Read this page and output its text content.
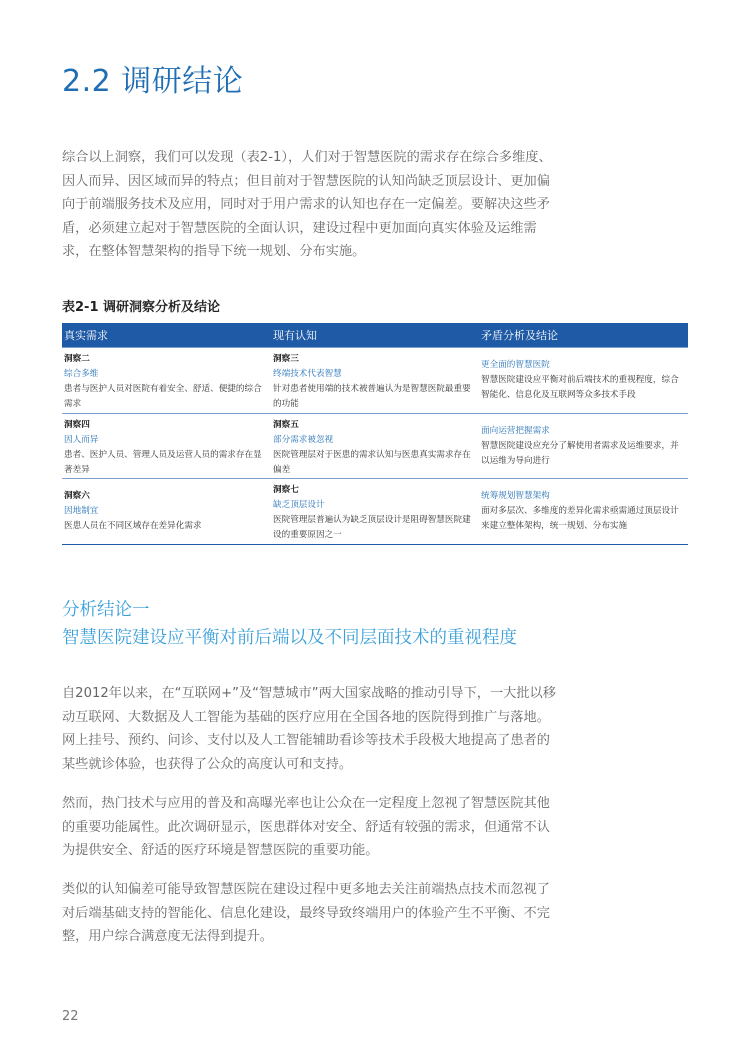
2.2 调研结论

综合以上洞察，我们可以发现（表2-1），人们对于智慧医院的需求存在综合多维度、因人而异、因区域而异的特点；但目前对于智慧医院的认知尚缺乏顶层设计、更加偏向于前端服务技术及应用，同时对于用户需求的认知也存在一定偏差。要解决这些矛盾，必须建立起对于智慧医院的全面认识，建设过程中更加面向真实体验及运维需求，在整体智慧架构的指导下统一规划、分布实施。

表2-1 调研洞察分析及结论

真实需求	现有认知	矛盾分析及结论
洞察二
综合多维
患者与医护人员对医院有着安全、舒适、便捷的综合需求
洞察三
终端技术代表智慧
针对患者使用端的技术被普遍认为是智慧医院最重要的功能
更全面的智慧医院
智慧医院建设应平衡对前后端技术的重视程度，综合智能化、信息化及互联网等众多技术手段
洞察四
因人而异
患者、医护人员、管理人员及运营人员的需求存在显著差异
洞察五
部分需求被忽视
医院管理层对于医患的需求认知与医患真实需求存在偏差
面向运营把握需求
智慧医院建设应充分了解使用者需求及运维要求，并以运维为导向进行
洞察六
因地制宜
医患人员在不同区域存在差异化需求
洞察七
缺乏顶层设计
医院管理层普遍认为缺乏顶层设计是阻碍智慧医院建设的重要原因之一
统筹规划智慧架构
面对多层次、多维度的差异化需求亟需通过顶层设计来建立整体架构，统一规划、分布实施
分析结论一
智慧医院建设应平衡对前后端以及不同层面技术的重视程度

自2012年以来，在“互联网+”及“智慧城市”两大国家战略的推动引导下，一大批以移动互联网、大数据及人工智能为基础的医疗应用在全国各地的医院得到推广与落地。网上挂号、预约、问诊、支付以及人工智能辅助看诊等技术手段极大地提高了患者的某些就诊体验，也获得了公众的高度认可和支持。

然而，热门技术与应用的普及和高曝光率也让公众在一定程度上忽视了智慧医院其他的重要功能属性。此次调研显示，医患群体对安全、舒适有较强的需求，但通常不认为提供安全、舒适的医疗环境是智慧医院的重要功能。

类似的认知偏差可能导致智慧医院在建设过程中更多地去关注前端热点技术而忽视了对后端基础支持的智能化、信息化建设，最终导致终端用户的体验产生不平衡、不完整，用户综合满意度无法得到提升。

22
